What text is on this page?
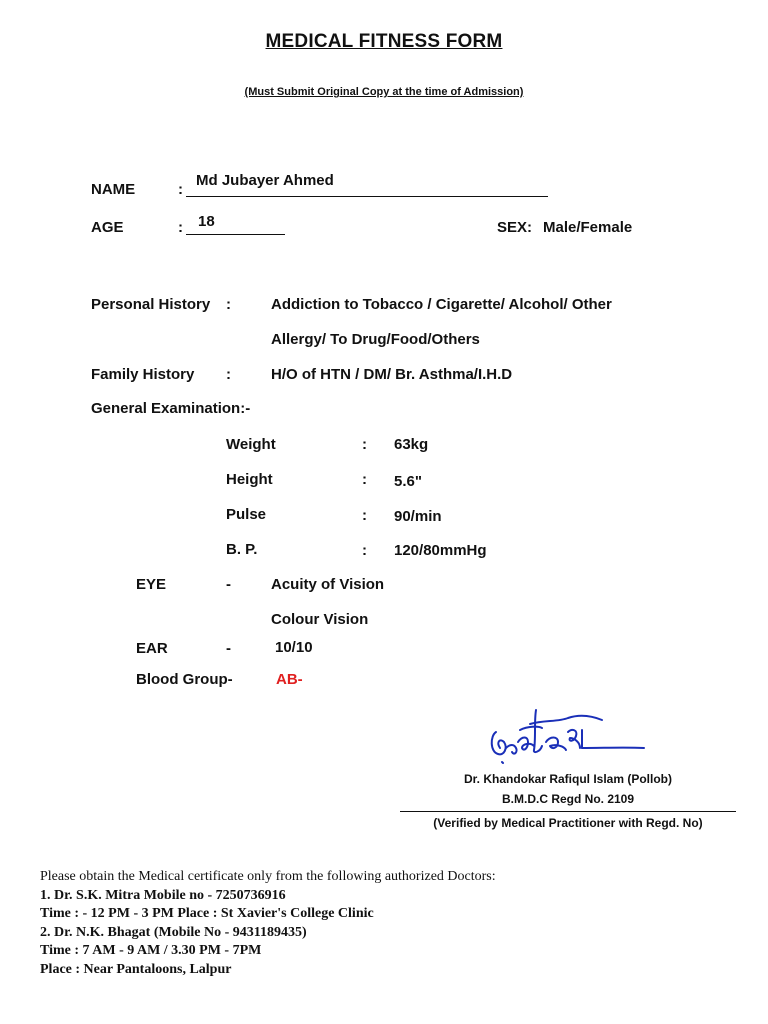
MEDICAL FITNESS FORM
(Must Submit Original Copy at the time of Admission)
NAME	:
Md Jubayer Ahmed
AGE	: 18	SEX: Male/Female
Personal History :	Addiction to Tobacco / Cigarette/ Alcohol/ Other
Allergy/ To Drug/Food/Others
Family History :	H/O of HTN / DM/ Br. Asthma/I.H.D
General Examination:-
Weight	: 63kg
Height	: 5.6"
Pulse	: 90/min
B. P.	: 120/80mmHg
EYE	-	Acuity of Vision
Colour Vision
EAR	-	10/10
Blood Group-	AB-
Dr. Khandokar Rafiqul Islam (Pollob)
B.M.D.C Regd No. 2109
(Verified by Medical Practitioner with Regd. No)
Please obtain the Medical certificate only from the following authorized Doctors:
1. Dr. S.K. Mitra Mobile no - 7250736916
Time : - 12 PM - 3 PM Place : St Xavier's College Clinic
2. Dr. N.K. Bhagat (Mobile No - 9431189435)
Time : 7 AM - 9 AM / 3.30 PM - 7PM
Place : Near Pantaloons, Lalpur
